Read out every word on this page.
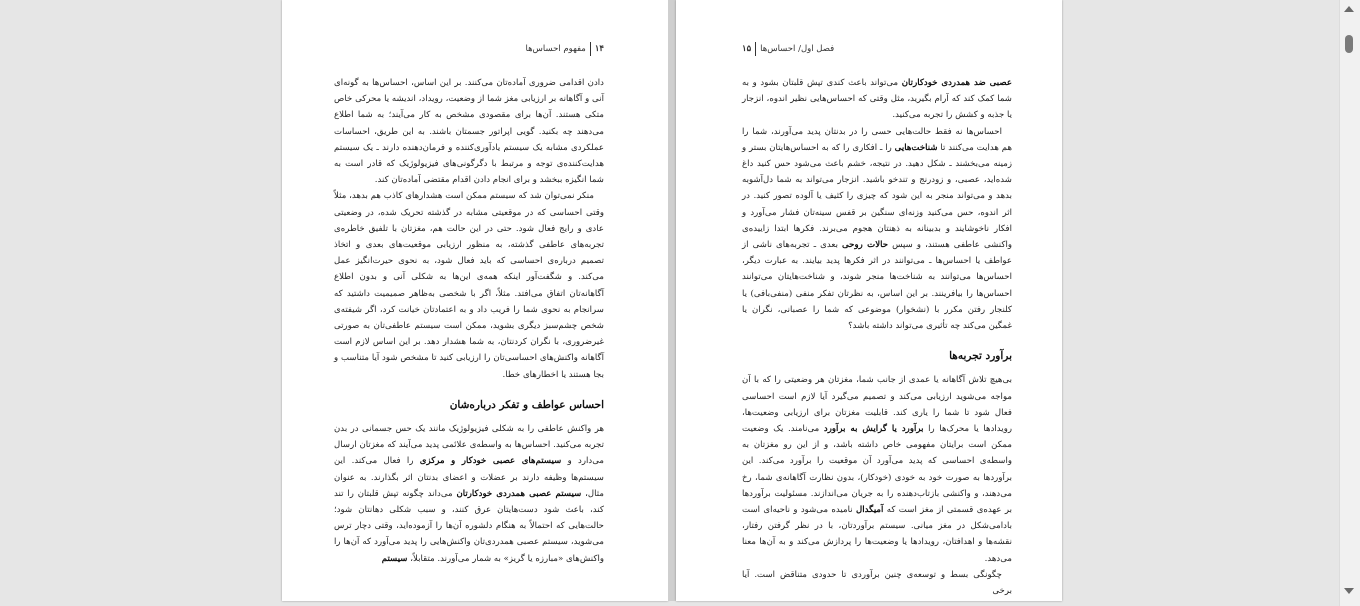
۱۴
مفهوم احساس‌ها

دادن اقدامی ضروری آماده‌تان می‌کنند. بر این اساس، احساس‌ها به گونه‌ای آنی و آگاهانه بر ارزیابی مغز شما از وضعیت، رویداد، اندیشه یا محرکی خاص متکی هستند. آن‌ها برای مقصودی مشخص به کار می‌آیند؛ به شما اطلاع می‌دهند چه بکنید. گویی اپراتور جسمتان باشند. به این طریق، احساسات عملکردی مشابه یک سیستم یادآوری‌کننده و فرمان‌دهنده دارند ـ یک سیستم هدایت‌کننده‌ی توجه و مرتبط با دگرگونی‌های فیزیولوژیک که قادر است به شما انگیزه ببخشد و برای انجام دادن اقدام مقتضی آماده‌تان کند.

منکر نمی‌توان شد که سیستم ممکن است هشدارهای کاذب هم بدهد، مثلاً وقتی احساسی که در موقعیتی مشابه در گذشته تحریک شده، در وضعیتی عادی و رایج فعال شود. حتی در این حالت هم، مغزتان با تلفیق خاطره‌ی تجربه‌های عاطفی گذشته، به منظور ارزیابی موقعیت‌های بعدی و اتخاذ تصمیم درباره‌ی احساسی که باید فعال شود، به نحوی حیرت‌انگیز عمل می‌کند. و شگفت‌آور اینکه همه‌ی این‌ها به شکلی آنی و بدون اطلاع آگاهانه‌تان اتفاق می‌افتد. مثلاً، اگر با شخصی به‌ظاهر صمیمیت داشتید که سرانجام به نحوی شما را فریب داد و به اعتمادتان خیانت کرد، اگر شیفته‌ی شخص چشم‌سبز دیگری بشوید، ممکن است سیستم عاطفی‌تان به صورتی غیرضروری، با نگران کردنتان، به شما هشدار دهد. بر این اساس لازم است آگاهانه واکنش‌های احساسی‌تان را ارزیابی کنید تا مشخص شود آیا متناسب و بجا هستند یا اخطارهای خطا.

احساس عواطف و تفکر درباره‌شان

هر واکنش عاطفی را به شکلی فیزیولوژیک مانند یک حس جسمانی در بدن تجربه می‌کنید. احساس‌ها به واسطه‌ی علائمی پدید می‌آیند که مغزتان ارسال می‌دارد و سیستم‌های عصبی خودکار و مرکزی را فعال می‌کند. این سیستم‌ها وظیفه دارند بر عضلات و اعضای بدنتان اثر بگذارند. به عنوان مثال، سیستم عصبی همدردی خودکارتان می‌داند چگونه تپش قلبتان را تند کند، باعث شود دست‌هایتان عرق کنند، و سبب شکلی دهانتان شود؛ حالت‌هایی که احتمالاً به هنگام دلشوره آن‌ها را آزموده‌اید، وقتی دچار ترس می‌شوید، سیستم عصبی همدردی‌تان واکنش‌هایی را پدید می‌آورد که آن‌ها را واکنش‌های «مبارزه یا گریز» به شمار می‌آورند. متقابلاً، سیستم

۱۵ فصل اول/ احساس‌ها

عصبی ضد همدردی خودکارتان می‌تواند باعث کندی تپش قلبتان بشود و به شما کمک کند که آرام بگیرید، مثل وقتی که احساس‌هایی نظیر اندوه، انزجار یا جذبه و کشش را تجربه می‌کنید.

احساس‌ها نه فقط حالت‌هایی حسی را در بدنتان پدید می‌آورند، شما را هم هدایت می‌کنند تا شناخت‌هایی را ـ افکاری را که به احساس‌هایتان بستر و زمینه می‌بخشند ـ شکل دهید. در نتیجه، خشم باعث می‌شود حس کنید داغ شده‌اید، عصبی، و زودرنج و تندخو باشید. انزجار می‌تواند به شما دل‌آشوبه بدهد و می‌تواند منجر به این شود که چیزی را کثیف یا آلوده تصور کنید. در اثر اندوه، حس می‌کنید وزنه‌ای سنگین بر قفس سینه‌تان فشار می‌آورد و افکار ناخوشایند و بدبینانه به ذهنتان هجوم می‌برند. فکرها ابتدا زاییده‌ی واکنشی عاطفی هستند، و سپس حالات روحی بعدی ـ تجربه‌های ناشی از عواطف یا احساس‌ها ـ می‌توانند در اثر فکرها پدید بیایند. به عبارت دیگر، احساس‌ها می‌توانند به شناخت‌ها منجر شوند، و شناخت‌هایتان می‌توانند احساس‌ها را بیافرینند. بر این اساس، به نظرتان تفکر منفی (منفی‌بافی) یا کلنجار رفتن مکرر با (نشخوار) موضوعی که شما را عصبانی، نگران یا غمگین می‌کند چه تأثیری می‌تواند داشته باشد؟

برآورد تجربه‌ها

بی‌هیچ تلاش آگاهانه یا عمدی از جانب شما، مغزتان هر وضعیتی را که با آن مواجه می‌شوید ارزیابی می‌کند و تصمیم می‌گیرد آیا لازم است احساسی فعال شود تا شما را یاری کند. قابلیت مغزتان برای ارزیابی وضعیت‌ها، رویدادها یا محرک‌ها را برآورد یا گرایش به برآورد می‌نامند. یک وضعیت ممکن است برایتان مفهومی خاص داشته باشد، و از این رو مغزتان به واسطه‌ی احساسی که پدید می‌آورد آن موقعیت را برآورد می‌کند. این برآوردها به صورت خود به خودی (خودکار)، بدون نظارت آگاهانه‌ی شما، رخ می‌دهند، و واکنشی بازتاب‌دهنده را به جریان می‌اندازند. مسئولیت برآوردها بر عهده‌ی قسمتی از مغز است که آمیگدال نامیده می‌شود و ناحیه‌ای است بادامی‌شکل در مغز میانی. سیستم برآوردتان، با در نظر گرفتن رفتار، نقشه‌ها و اهدافتان، رویدادها یا وضعیت‌ها را پردازش می‌کند و به آن‌ها معنا می‌دهد.

چگونگی بسط و توسعه‌ی چنین برآوردی تا حدودی متناقض است. آیا برخی
